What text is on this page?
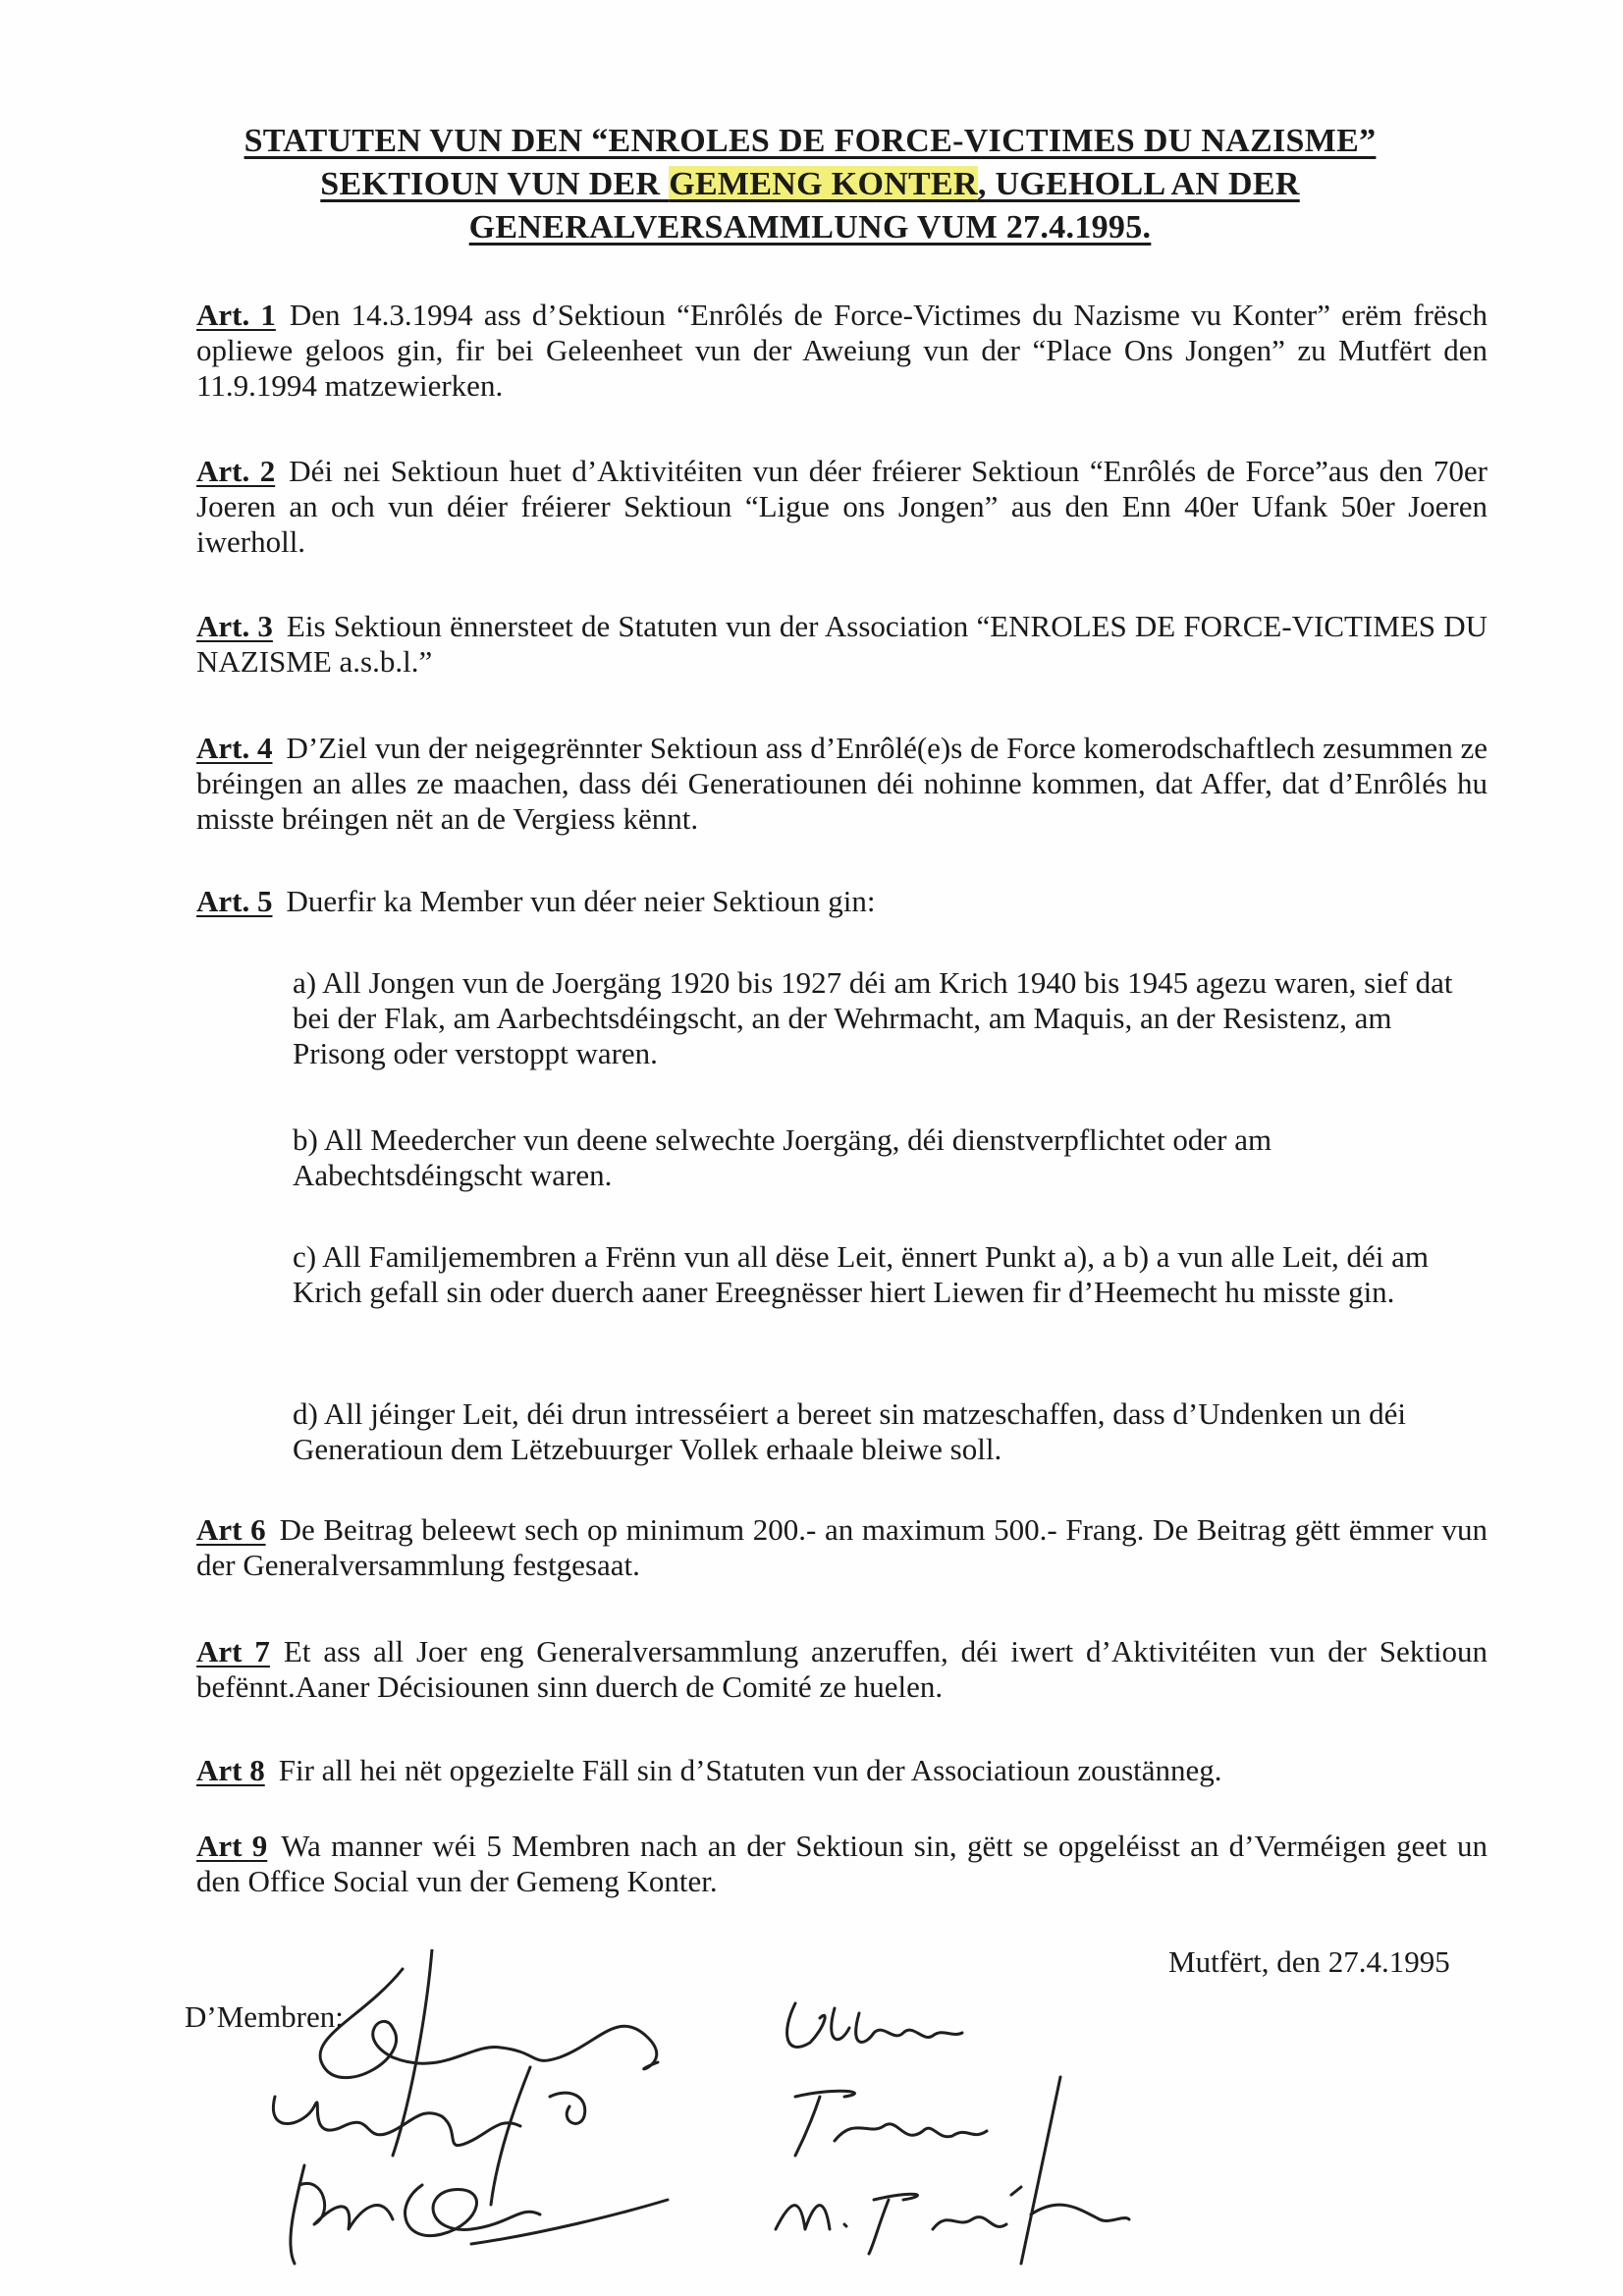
STATUTEN VUN DEN “ENROLES DE FORCE-VICTIMES DU NAZISME”
SEKTIOUN VUN DER GEMENG KONTER, UGEHOLL AN DER
GENERALVERSAMMLUNG VUM 27.4.1995.
Art. 1 Den 14.3.1994 ass d’Sektioun “Enrôlés de Force-Victimes du Nazisme vu Konter” erëm frësch opliewe geloos gin, fir bei Geleenheet vun der Aweiung vun der “Place Ons Jongen” zu Mutfërt den 11.9.1994 matzewierken.
Art. 2 Déi nei Sektioun huet d’Aktivitéiten vun déer fréierer Sektioun “Enrôlés de Force”aus den 70er Joeren an och vun déier fréierer Sektioun “Ligue ons Jongen” aus den Enn 40er Ufank 50er Joeren iwerholl.
Art. 3 Eis Sektioun ënnersteet de Statuten vun der Association “ENROLES DE FORCE-VICTIMES DU NAZISME a.s.b.l.”
Art. 4 D’Ziel vun der neigegrënnter Sektioun ass d’Enrôlé(e)s de Force komerodschaftlech zesummen ze bréingen an alles ze maachen, dass déi Generatiounen déi nohinne kommen, dat Affer, dat d’Enrôlés hu misste bréingen nët an de Vergiess kënnt.
Art. 5 Duerfir ka Member vun déer neier Sektioun gin:
a) All Jongen vun de Joergäng 1920 bis 1927 déi am Krich 1940 bis 1945 agezu waren, sief dat bei der Flak, am Aarbechtsdéingscht, an der Wehrmacht, am Maquis, an der Resistenz, am Prisong oder verstoppt waren.
b) All Meedercher vun deene selwechte Joergäng, déi dienstverpflichtet oder am Aabechtsdéingscht waren.
c) All Familjemembren a Frënn vun all dëse Leit, ënnert Punkt a), a b) a vun alle Leit, déi am Krich gefall sin oder duerch aaner Ereegnësser hiert Liewen fir d’Heemecht hu misste gin.
d) All jéinger Leit, déi drun intresséiert a bereet sin matzeschaffen, dass d’Undenken un déi Generatioun dem Lëtzebuurger Vollek erhaale bleiwe soll.
Art 6 De Beitrag beleewt sech op minimum 200.- an maximum 500.- Frang. De Beitrag gëtt ëmmer vun der Generalversammlung festgesaat.
Art 7 Et ass all Joer eng Generalversammlung anzeruffen, déi iwert d’Aktivitéiten vun der Sektioun befënnt.Aaner Décisiounen sinn duerch de Comité ze huelen.
Art 8 Fir all hei nët opgezielte Fäll sin d’Statuten vun der Associatioun zoustänneg.
Art 9 Wa manner wéi 5 Membren nach an der Sektioun sin, gëtt se opgeléisst an d’Verméigen geet un den Office Social vun der Gemeng Konter.
Mutfërt, den 27.4.1995
D’Membren:
